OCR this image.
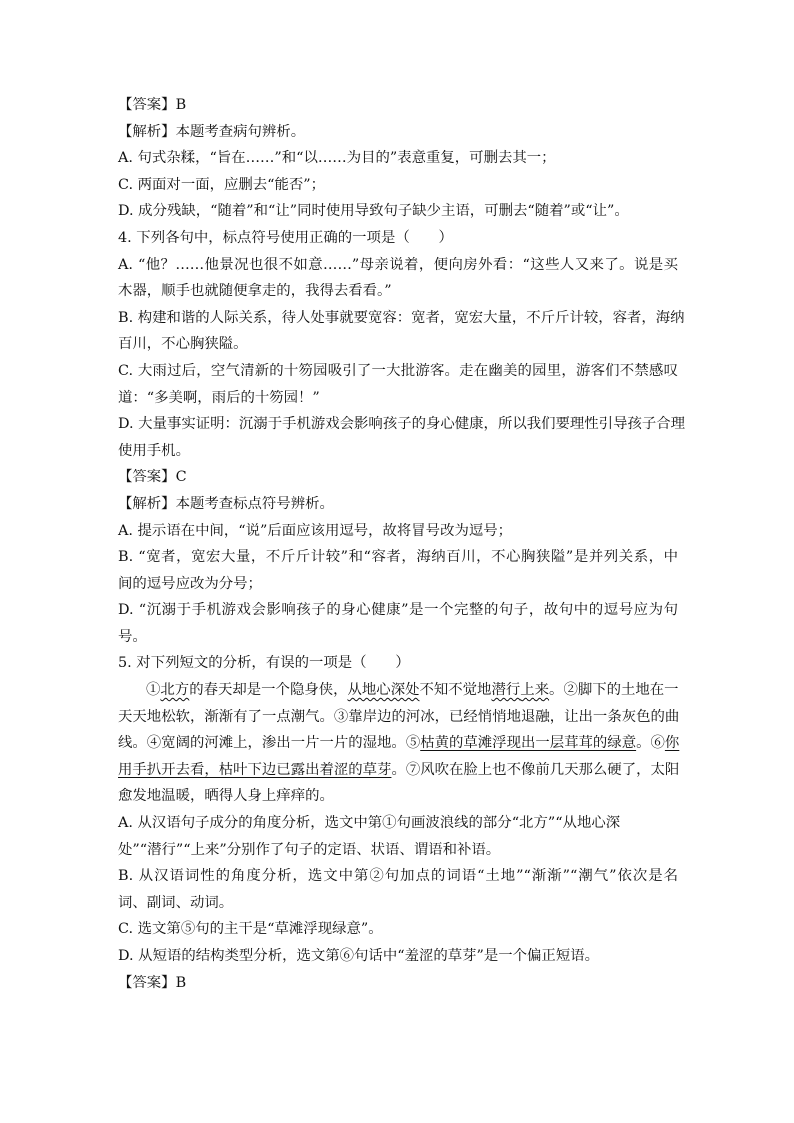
【答案】B
【解析】本题考查病句辨析。
A. 句式杂糅，“旨在……”和“以……为目的”表意重复，可删去其一；
C. 两面对一面，应删去“能否”；
D. 成分残缺，“随着”和“让”同时使用导致句子缺少主语，可删去“随着”或“让”。
4. 下列各句中，标点符号使用正确的一项是（　　）
A. “他？……他景况也很不如意……”母亲说着，便向房外看：“这些人又来了。说是买
木器，顺手也就随便拿走的，我得去看看。”
B. 构建和谐的人际关系，待人处事就要宽容：宽者，宽宏大量，不斤斤计较，容者，海纳
百川，不心胸狭隘。
C. 大雨过后，空气清新的十笏园吸引了一大批游客。走在幽美的园里，游客们不禁感叹
道：“多美啊，雨后的十笏园！”
D. 大量事实证明：沉溺于手机游戏会影响孩子的身心健康，所以我们要理性引导孩子合理
使用手机。
【答案】C
【解析】本题考查标点符号辨析。
A. 提示语在中间，“说”后面应该用逗号，故将冒号改为逗号；
B. “宽者，宽宏大量，不斤斤计较”和“容者，海纳百川，不心胸狭隘”是并列关系，中
间的逗号应改为分号；
D. “沉溺于手机游戏会影响孩子的身心健康”是一个完整的句子，故句中的逗号应为句
号。
5. 对下列短文的分析，有误的一项是（　　）
①北方的春天却是一个隐身侠，从地心深处不知不觉地潜行上来。②脚下的土地在一
天天地松软，渐渐有了一点潮气。③靠岸边的河冰，已经悄悄地退融，让出一条灰色的曲
线。④宽阔的河滩上，渗出一片一片的湿地。⑤枯黄的草滩浮现出一层茸茸的绿意。⑥你
用手扒开去看，枯叶下边已露出着涩的草芽。⑦风吹在脸上也不像前几天那么硬了，太阳
愈发地温暖，晒得人身上痒痒的。
A. 从汉语句子成分的角度分析，选文中第①句画波浪线的部分“北方”“从地心深
处”“潜行”“上来”分别作了句子的定语、状语、谓语和补语。
B. 从汉语词性的角度分析，选文中第②句加点的词语“土地”“渐渐”“潮气”依次是名
词、副词、动词。
C. 选文第⑤句的主干是“草滩浮现绿意”。
D. 从短语的结构类型分析，选文第⑥句话中“羞涩的草芽”是一个偏正短语。
【答案】B
